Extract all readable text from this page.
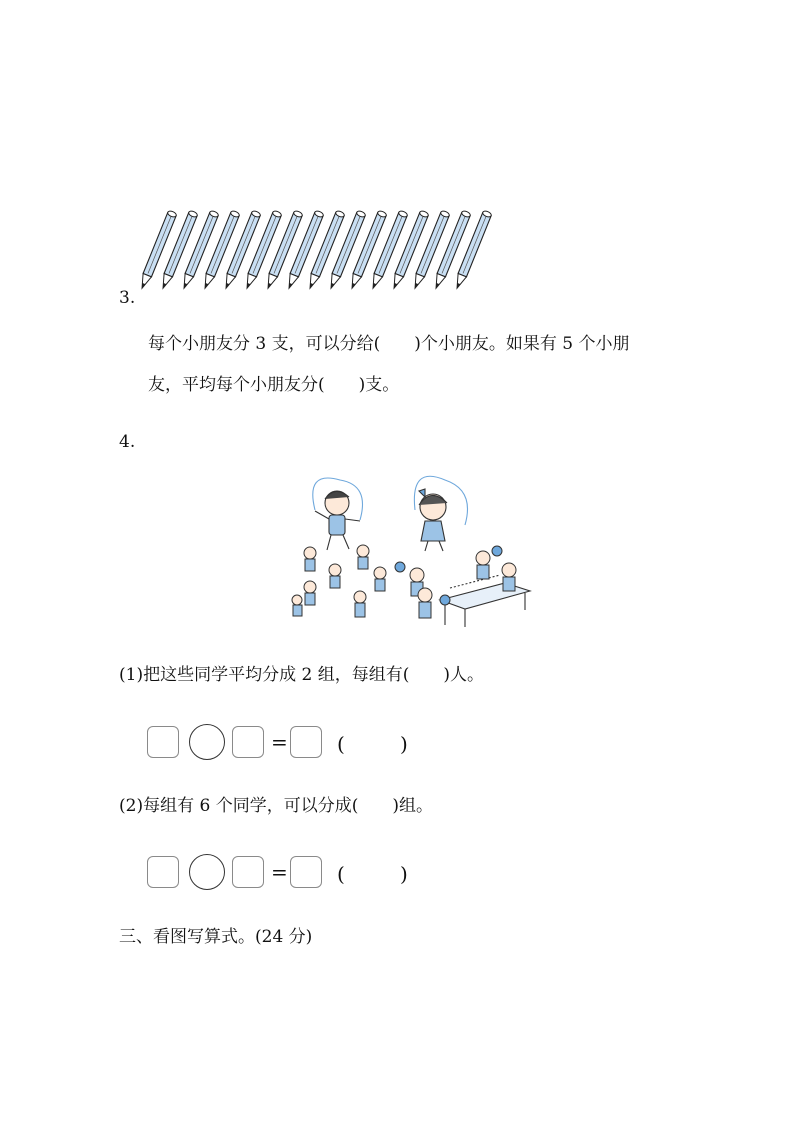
3.
每个小朋友分 3 支，可以分给(　　)个小朋友。如果有 5 个小朋
友，平均每个小朋友分(　　)支。
4.
(1)把这些同学平均分成 2 组，每组有(　　)人。
= (	)
(2)每组有 6 个同学，可以分成(　　)组。
= (	)
三、看图写算式。(24 分)
